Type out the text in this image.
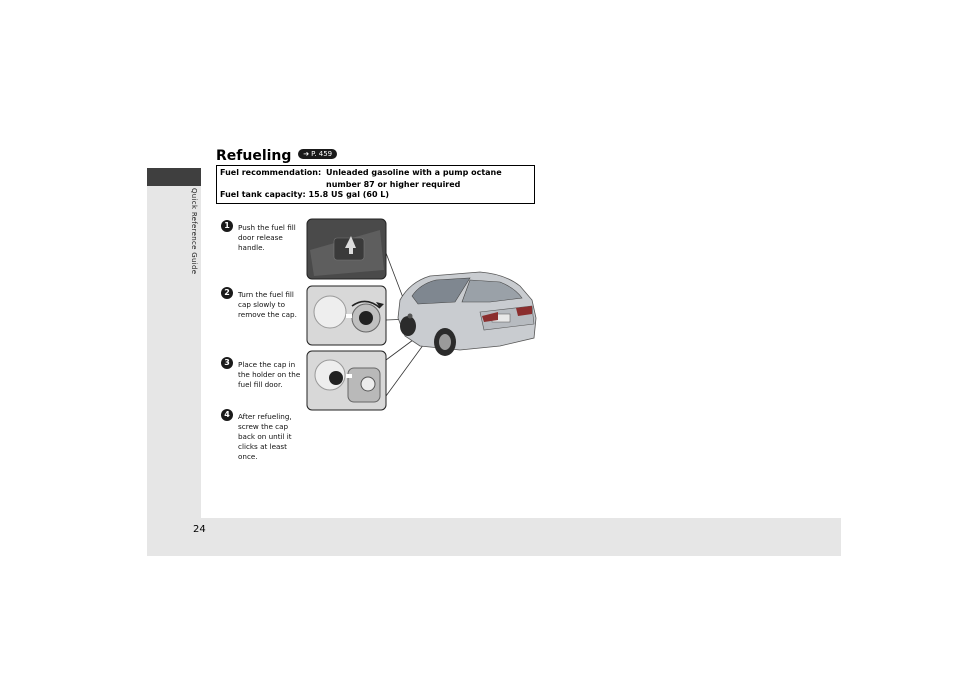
Quick Reference Guide
24
Refueling ➔ P. 459
Fuel recommendation: Unleaded gasoline with a pump octane number 87 or higher required
Fuel tank capacity: 15.8 US gal (60 L)
1	Push the fuel fill door release handle.
2	Turn the fuel fill cap slowly to remove the cap.
3	Place the cap in the holder on the fuel fill door.
4	After refueling, screw the cap back on until it clicks at least once.
